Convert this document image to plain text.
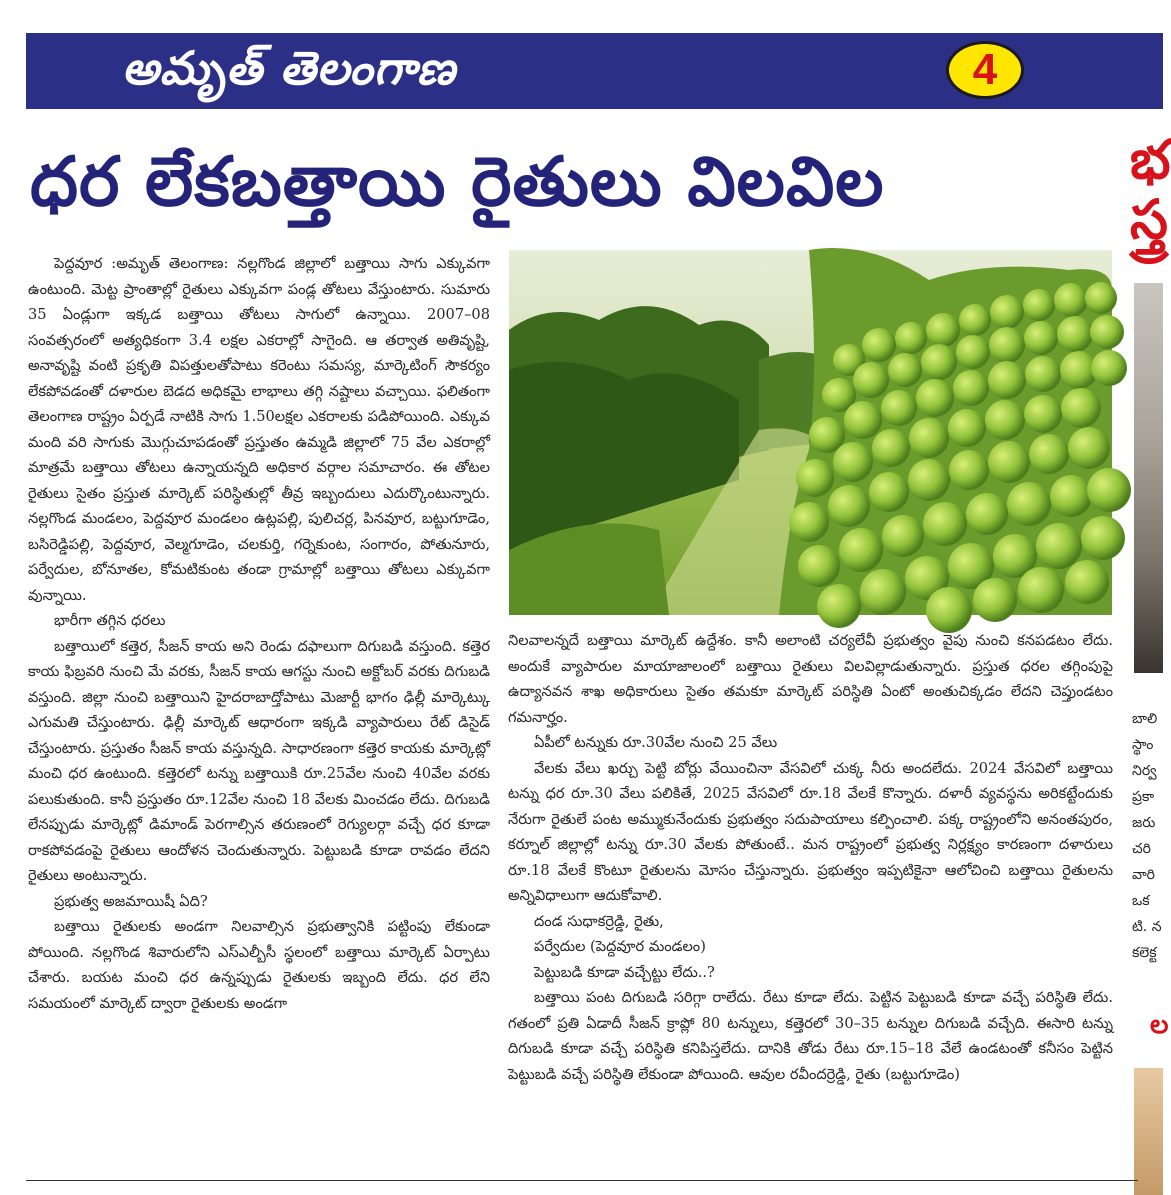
అమృత్ తెలంగాణ	4
ధర లేకబత్తాయి రైతులు విలవిల

పెద్దవూర :అమృత్ తెలంగాణ: నల్లగొండ జిల్లాలో బత్తాయి సాగు ఎక్కువగా ఉంటుంది. మెట్ట ప్రాంతాల్లో రైతులు ఎక్కువగా పండ్ల తోటలు వేస్తుంటారు. సుమారు 35 ఏండ్లుగా ఇక్కడ బత్తాయి తోటలు సాగులో ఉన్నాయి. 2007–08 సంవత్సరంలో అత్యధికంగా 3.4 లక్షల ఎకరాల్లో సాగైంది. ఆ తర్వాత అతివృష్టి, అనావృష్టి వంటి ప్రకృతి విపత్తులతోపాటు కరెంటు సమస్య, మార్కెటింగ్ సౌకర్యం లేకపోవడంతో దళారుల బెడద అధికమై లాభాలు తగ్గి నష్టాలు వచ్చాయి. ఫలితంగా తెలంగాణ రాష్ట్రం ఏర్పడే నాటికి సాగు 1.50లక్షల ఎకరాలకు పడిపోయింది. ఎక్కువ మంది వరి సాగుకు మొగ్గుచూపడంతో ప్రస్తుతం ఉమ్మడి జిల్లాలో 75 వేల ఎకరాల్లో మాత్రమే బత్తాయి తోటలు ఉన్నాయన్నది అధికార వర్గాల సమాచారం. ఈ తోటల రైతులు సైతం ప్రస్తుత మార్కెట్ పరిస్థితుల్లో తీవ్ర ఇబ్బందులు ఎదుర్కొంటున్నారు. నల్లగొండ మండలం, పెద్దవూర మండలం ఉట్లపల్లి, పులిచర్ల, పినవూర, బట్టుగూడెం, బసిరెడ్డిపల్లి, పెద్దవూర, వెల్మగూడెం, చలకుర్తి, గర్నెకుంట, సంగారం, పోతునూరు, పర్వేదుల, బోనూతల, కోమటికుంట తండా గ్రామాల్లో బత్తాయి తోటలు ఎక్కువగా వున్నాయి.

భారీగా తగ్గిన ధరలు

బత్తాయిలో కత్తెర, సీజన్ కాయ అని రెండు దఫాలుగా దిగుబడి వస్తుంది. కత్తెర కాయ ఫిబ్రవరి నుంచి మే వరకు, సీజన్ కాయ ఆగస్టు నుంచి అక్టోబర్ వరకు దిగుబడి వస్తుంది. జిల్లా నుంచి బత్తాయిని హైదరాబాద్తోపాటు మెజార్టీ భాగం ఢిల్లీ మార్కెట్కు ఎగుమతి చేస్తుంటారు. ఢిల్లీ మార్కెట్ ఆధారంగా ఇక్కడి వ్యాపారులు రేట్ డిసైడ్ చేస్తుంటారు. ప్రస్తుతం సీజన్ కాయ వస్తున్నది. సాధారణంగా కత్తెర కాయకు మార్కెట్లో మంచి ధర ఉంటుంది. కత్తెరలో టన్ను బత్తాయికి రూ.25వేల నుంచి 40వేల వరకు పలుకుతుంది. కానీ ప్రస్తుతం రూ.12వేల నుంచి 18 వేలకు మించడం లేదు. దిగుబడి లేనప్పుడు మార్కెట్లో డిమాండ్ పెరగాల్సిన తరుణంలో రెగ్యులర్గా వచ్చే ధర కూడా రాకపోవడంపై రైతులు ఆందోళన చెందుతున్నారు. పెట్టుబడి కూడా రావడం లేదని రైతులు అంటున్నారు.

ప్రభుత్వ అజమాయిషీ ఏది?

బత్తాయి రైతులకు అండగా నిలవాల్సిన ప్రభుత్వానికి పట్టింపు లేకుండా పోయింది. నల్లగొండ శివారులోని ఎస్ఎల్బీసీ స్థలంలో బత్తాయి మార్కెట్ ఏర్పాటు చేశారు. బయట మంచి ధర ఉన్నప్పుడు రైతులకు ఇబ్బంది లేదు. ధర లేని సమయంలో మార్కెట్ ద్వారా రైతులకు అండగా

నిలవాలన్నదే బత్తాయి మార్కెట్ ఉద్దేశం. కానీ అలాంటి చర్యలేవీ ప్రభుత్వం వైపు నుంచి కనపడటం లేదు. అందుకే వ్యాపారుల మాయాజాలంలో బత్తాయి రైతులు విలవిల్లాడుతున్నారు. ప్రస్తుత ధరల తగ్గింపుపై ఉద్యానవన శాఖ అధికారులు సైతం తమకూ మార్కెట్ పరిస్థితి ఏంటో అంతుచిక్కడం లేదని చెప్తుండటం గమనార్హం.

ఏపీలో టన్నుకు రూ.30వేల నుంచి 25 వేలు

వేలకు వేలు ఖర్చు పెట్టి బోర్లు వేయించినా వేసవిలో చుక్క నీరు అందలేదు. 2024 వేసవిలో బత్తాయి టన్ను ధర రూ.30 వేలు పలికితే, 2025 వేసవిలో రూ.18 వేలకే కొన్నారు. దళారీ వ్యవస్థను అరికట్టేందుకు నేరుగా రైతులే పంట అమ్ముకునేందుకు ప్రభుత్వం సదుపాయాలు కల్పించాలి. పక్క రాష్ట్రంలోని అనంతపురం, కర్నూల్ జిల్లాల్లో టన్ను రూ.30 వేలకు పోతుంటే.. మన రాష్ట్రంలో ప్రభుత్వ నిర్లక్ష్యం కారణంగా దళారులు రూ.18 వేలకే కొంటూ రైతులను మోసం చేస్తున్నారు. ప్రభుత్వం ఇప్పటికైనా ఆలోచించి బత్తాయి రైతులను అన్నివిధాలుగా ఆదుకోవాలి.

దండ సుధాకర్రెడ్డి, రైతు,

పర్వేదుల (పెద్దవూర మండలం)

పెట్టుబడి కూడా వచ్చేట్టు లేదు..?

బత్తాయి పంట దిగుబడి సరిగ్గా రాలేదు. రేటు కూడా లేదు. పెట్టిన పెట్టుబడి కూడా వచ్చే పరిస్థితి లేదు. గతంలో ప్రతి ఏడాదీ సీజన్ క్రాప్లో 80 టన్నులు, కత్తెరలో 30–35 టన్నుల దిగుబడి వచ్చేది. ఈసారి టన్ను దిగుబడి కూడా వచ్చే పరిస్థితి కనిపిస్తలేదు. దానికి తోడు రేటు రూ.15–18 వేలే ఉండటంతో కనీసం పెట్టిన పెట్టుబడి వచ్చే పరిస్థితి లేకుండా పోయింది. ఆవుల రవీందర్రెడ్డి, రైతు (బట్టుగూడెం)

భ స్త్ర
బాలి
స్థాం
నిర్వ
ప్రకా
జరు
చరి
వారి
ఒక
టి. న
కలెక్ట
ల
